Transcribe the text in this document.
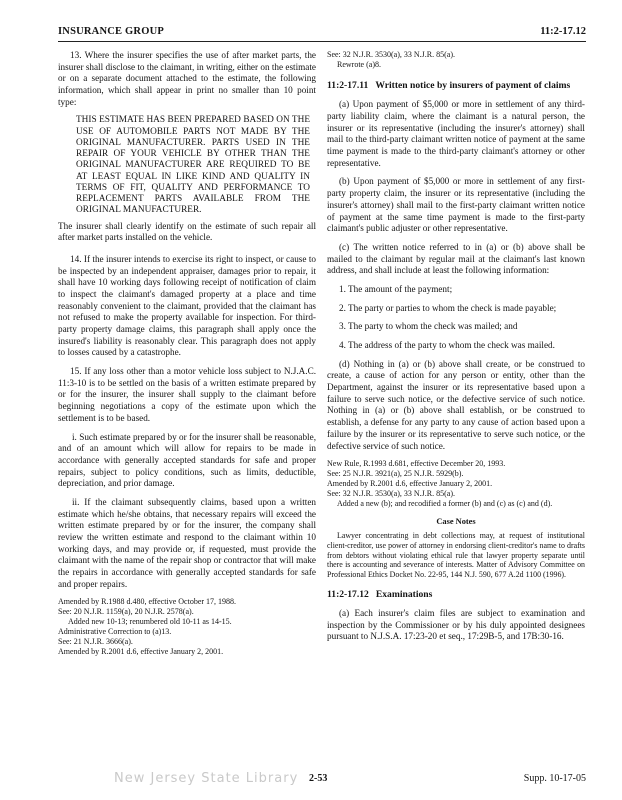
INSURANCE GROUP	11:2-17.12

13. Where the insurer specifies the use of after market parts, the insurer shall disclose to the claimant, in writing, either on the estimate or on a separate document attached to the estimate, the following information, which shall appear in print no smaller than 10 point type:

THIS ESTIMATE HAS BEEN PREPARED BASED ON THE USE OF AUTOMOBILE PARTS NOT MADE BY THE ORIGINAL MANUFACTURER. PARTS USED IN THE REPAIR OF YOUR VEHICLE BY OTHER THAN THE ORIGINAL MANUFACTURER ARE REQUIRED TO BE AT LEAST EQUAL IN LIKE KIND AND QUALITY IN TERMS OF FIT, QUALITY AND PERFORMANCE TO REPLACEMENT PARTS AVAILABLE FROM THE ORIGINAL MANUFACTURER.

The insurer shall clearly identify on the estimate of such repair all after market parts installed on the vehicle.

14. If the insurer intends to exercise its right to inspect, or cause to be inspected by an independent appraiser, damages prior to repair, it shall have 10 working days following receipt of notification of claim to inspect the claimant's damaged property at a place and time reasonably convenient to the claimant, provided that the claimant has not refused to make the property available for inspection. For third-party property damage claims, this paragraph shall apply once the insured's liability is reasonably clear. This paragraph does not apply to losses caused by a catastrophe.

15. If any loss other than a motor vehicle loss subject to N.J.A.C. 11:3-10 is to be settled on the basis of a written estimate prepared by or for the insurer, the insurer shall supply to the claimant before beginning negotiations a copy of the estimate upon which the settlement is to be based.

i. Such estimate prepared by or for the insurer shall be reasonable, and of an amount which will allow for repairs to be made in accordance with generally accepted standards for safe and proper repairs, subject to policy conditions, such as limits, deductible, depreciation, and prior damage.

ii. If the claimant subsequently claims, based upon a written estimate which he/she obtains, that necessary repairs will exceed the written estimate prepared by or for the insurer, the company shall review the written estimate and respond to the claimant within 10 working days, and may provide or, if requested, must provide the claimant with the name of the repair shop or contractor that will make the repairs in accordance with generally accepted standards for safe and proper repairs.

Amended by R.1988 d.480, effective October 17, 1988.
See: 20 N.J.R. 1159(a), 20 N.J.R. 2578(a).
Added new 10-13; renumbered old 10-11 as 14-15.
Administrative Correction to (a)13.
See: 21 N.J.R. 3666(a).
Amended by R.2001 d.6, effective January 2, 2001.
See: 32 N.J.R. 3530(a), 33 N.J.R. 85(a).
Rewrote (a)8.
11:2-17.11 Written notice by insurers of payment of claims

(a) Upon payment of $5,000 or more in settlement of any third-party liability claim, where the claimant is a natural person, the insurer or its representative (including the insurer's attorney) shall mail to the third-party claimant written notice of payment at the same time payment is made to the third-party claimant's attorney or other representative.

(b) Upon payment of $5,000 or more in settlement of any first-party property claim, the insurer or its representative (including the insurer's attorney) shall mail to the first-party claimant written notice of payment at the same time payment is made to the first-party claimant's public adjuster or other representative.

(c) The written notice referred to in (a) or (b) above shall be mailed to the claimant by regular mail at the claimant's last known address, and shall include at least the following information:

1. The amount of the payment;

2. The party or parties to whom the check is made payable;

3. The party to whom the check was mailed; and

4. The address of the party to whom the check was mailed.

(d) Nothing in (a) or (b) above shall create, or be construed to create, a cause of action for any person or entity, other than the Department, against the insurer or its representative based upon a failure to serve such notice, or the defective service of such notice. Nothing in (a) or (b) above shall establish, or be construed to establish, a defense for any party to any cause of action based upon a failure by the insurer or its representative to serve such notice, or the defective service of such notice.

New Rule, R.1993 d.681, effective December 20, 1993.
See: 25 N.J.R. 3921(a), 25 N.J.R. 5929(b).
Amended by R.2001 d.6, effective January 2, 2001.
See: 32 N.J.R. 3530(a), 33 N.J.R. 85(a).
Added a new (b); and recodified a former (b) and (c) as (c) and (d).
Case Notes

Lawyer concentrating in debt collections may, at request of institutional client-creditor, use power of attorney in endorsing client-creditor's name to drafts from debtors without violating ethical rule that lawyer property separate until there is accounting and severance of interests. Matter of Advisory Committee on Professional Ethics Docket No. 22-95, 144 N.J. 590, 677 A.2d 1100 (1996).

11:2-17.12 Examinations

(a) Each insurer's claim files are subject to examination and inspection by the Commissioner or by his duly appointed designees pursuant to N.J.S.A. 17:23-20 et seq., 17:29B-5, and 17B:30-16.

New Jersey State Library 2-53	Supp. 10-17-05
